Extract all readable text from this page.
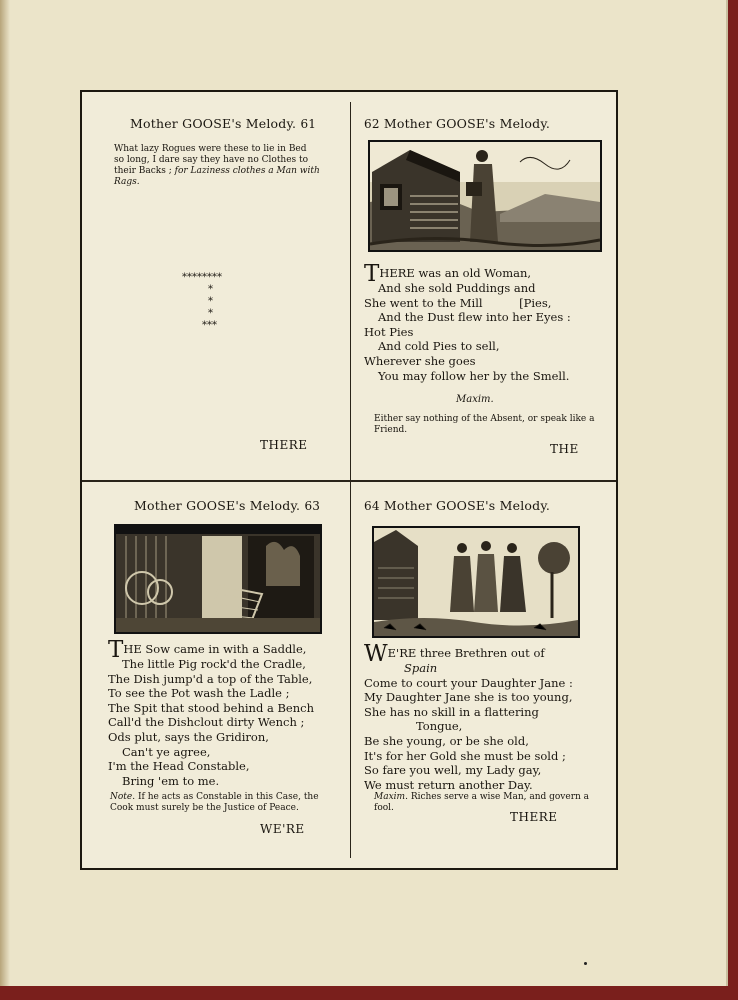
Mother GOOSE's Melody. 61
What lazy Rogues were these to lie in Bed
so long, I dare say they have no Clothes to
their Backs ; for Laziness clothes a Man with Rags.
********
*
*
*
***
THERE
62 Mother GOOSE's Melody.
THERE was an old Woman,
And she sold Puddings and
She went to the Mill          [Pies,
And the Dust flew into her Eyes :
Hot Pies
And cold Pies to sell,
Wherever she goes
You may follow her by the Smell.
Maxim.
Either say nothing of the Absent, or speak like a Friend.
THE
Mother GOOSE's Melody. 63
THE Sow came in with a Saddle,
The little Pig rock'd the Cradle,
The Dish jump'd a top of the Table,
To see the Pot wash the Ladle ;
The Spit that stood behind a Bench
Call'd the Dishclout dirty Wench ;
Ods plut, says the Gridiron,
Can't ye agree,
I'm the Head Constable,
Bring 'em to me.
Note. If he acts as Constable in this Case, the Cook must surely be the Justice of Peace.
WE'RE
64 Mother GOOSE's Melody.
WE'RE three Brethren out of
Spain
Come to court your Daughter Jane :
My Daughter Jane she is too young,
She has no skill in a flattering
Tongue,
Be she young, or be she old,
It's for her Gold she must be sold ;
So fare you well, my Lady gay,
We must return another Day.
Maxim. Riches serve a wise Man, and govern a fool.
THERE
